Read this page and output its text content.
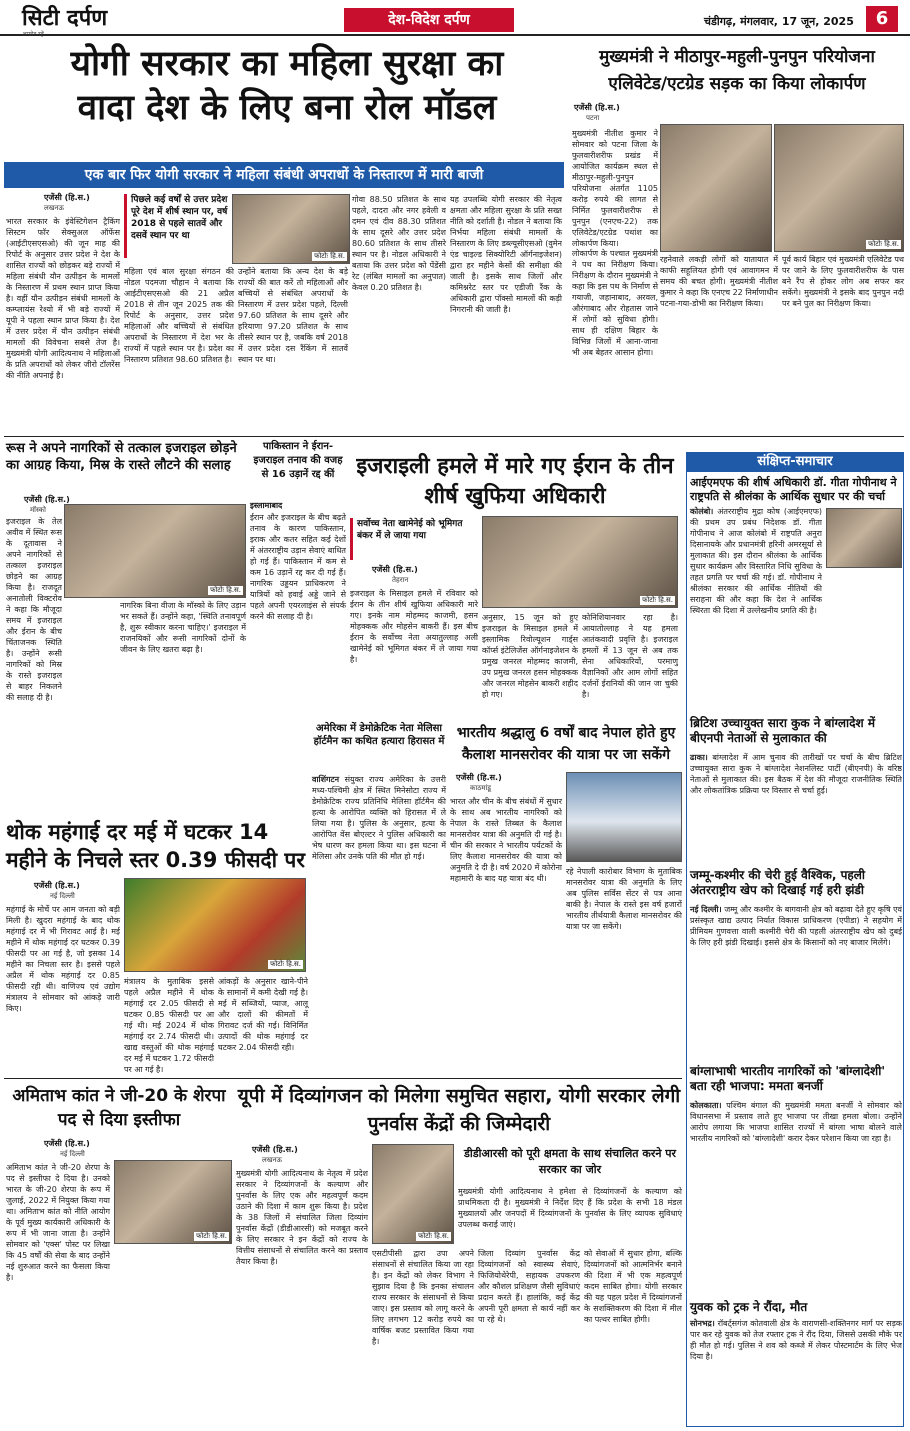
सिटी दर्पण
अपडेट रहें
देश-विदेश दर्पण	चंडीगढ़, मंगलवार, 17 जून, 2025	6
योगी सरकार का महिला सुरक्षा का
वादा देश के लिए बना रोल मॉडल
एक बार फिर योगी सरकार ने महिला संबंधी अपराधों के निस्तारण में मारी बाजी
एजेंसी (हि.स.)
लखनऊ
भारत सरकार के इंवेस्टिगेशन ट्रैकिंग सिस्टम फॉर सेक्सुअल ऑफेंस (आईटीएसएसओ) की जून माह की रिपोर्ट के अनुसार उत्तर प्रदेश ने देश के शासित राज्यों को छोड़कर बड़े राज्यों में महिला संबंधी यौन उत्पीड़न के मामलों के निस्तारण में प्रथम स्थान प्राप्त किया है। वहीं यौन उत्पीड़न संबंधी मामलों के कम्प्लायंस रेश्यो में भी बड़े राज्यों में यूपी ने पहला स्थान प्राप्त किया है। देश में उत्तर प्रदेश में यौन उत्पीड़न संबंधी मामलों की विवेचना सबसे तेज है। मुख्यमंत्री योगी आदित्यनाथ ने महिलाओं के प्रति अपराधों को लेकर जीरो टॉलरेंस की नीति अपनाई है।
पिछले कई वर्षों से उत्तर प्रदेश पूरे देश में शीर्ष स्थान पर, वर्ष 2018 से पहले सातवें और दसवें स्थान पर था
फोटोः हि.स.
महिला एवं बाल सुरक्षा संगठन की नोडल पदमजा चौहान ने बताया कि आईटीएसएसओ की 21 अप्रैल 2018 से तीन जून 2025 तक की रिपोर्ट के अनुसार, उत्तर प्रदेश महिलाओं और बच्चियों से संबंधित अपराधों के निस्तारण में देश भर के राज्यों में पहले स्थान पर है। प्रदेश का निस्तारण प्रतिशत 98.60 प्रतिशत है।
उन्होंने बताया कि अन्य देश के बड़े राज्यों की बात करें तो महिलाओं और बच्चियों से संबंधित अपराधों के निस्तारण में उत्तर प्रदेश पहले, दिल्ली 97.60 प्रतिशत के साथ दूसरे और हरियाणा 97.20 प्रतिशत के साथ तीसरे स्थान पर है, जबकि वर्ष 2018 में उत्तर प्रदेश दस रैंकिंग में सातवें स्थान पर था।
गोवा 88.50 प्रतिशत के साथ पहले, दादरा और नगर हवेली व दमन एवं दीव 88.30 प्रतिशत के साथ दूसरे और उत्तर प्रदेश 80.60 प्रतिशत के साथ तीसरे स्थान पर है। नोडल अधिकारी ने बताया कि उत्तर प्रदेश को पेंडेंसी रेट (लंबित मामलों का अनुपात) केवल 0.20 प्रतिशत है।
यह उपलब्धि योगी सरकार की नेतृत्व क्षमता और महिला सुरक्षा के प्रति सख्त नीति को दर्शाती है। नोडल ने बताया कि निर्भया महिला संबंधी मामलों के निस्तारण के लिए डब्ल्यूसीएसओ (वुमेन एंड चाइल्ड सिक्योरिटी ऑर्गनाइजेशन) द्वारा हर महीने केसों की समीक्षा की जाती है। इसके साथ जिलों और कमिश्नरेट स्तर पर एडीजी रैंक के अधिकारी द्वारा पॉक्सो मामलों की कड़ी निगरानी की जाती है।
मुख्यमंत्री ने मीठापुर-महुली-पुनपुन परियोजना एलिवेटेड/एटग्रेड सड़क का किया लोकार्पण
एजेंसी (हि.स.)
पटना
मुख्यमंत्री नीतीश कुमार ने सोमवार को पटना जिला के फुलवारीशरीफ प्रखंड में आयोजित कार्यक्रम स्थल से मीठापुर-महुली-पुनपुन परियोजना अंतर्गत 1105 करोड़ रुपये की लागत से निर्मित फुलवारीशरीफ से पुनपुन (एनएच-22) तक एलिवेटेड/एटग्रेड पथांश का लोकार्पण किया।	फोटोः हि.स.
लोकार्पण के पश्चात मुख्यमंत्री ने पथ का निरीक्षण किया। निरीक्षण के दौरान मुख्यमंत्री ने कहा कि इस पथ के निर्माण से गयाजी, जहानाबाद, अरवल, औरंगाबाद और रोहतास जाने में लोगों को सुविधा होगी। साथ ही दक्षिण बिहार के विभिन्न जिलों में आना-जाना भी अब बेहतर आसान होगा।
रहनेवाले लकड़ी लोगों को यातायात में काफी सहूलियत होगी एवं आवागमन में समय की बचत होगी। मुख्यमंत्री नीतीश कुमार ने कहा कि एनएच 22 निर्माणाधीन पटना-गया-डोभी का निरीक्षण किया।
पूर्व कार्य बिहार एवं मुख्यमंत्री एलिवेटेड पथ पर जाने के लिए फुलवारीशरीफ के पास बने रैंप से होकर लोग अब सफर कर सकेंगे। मुख्यमंत्री ने इसके बाद पुनपुन नदी पर बने पुल का निरीक्षण किया।
रूस ने अपने नागरिकों से तत्काल इजराइल छोड़ने का आग्रह किया, मिस्र के रास्ते लौटने की सलाह
एजेंसी (हि.स.)
मॉस्को
फोटोः हि.स.
इजराइल के तेल अवीव में स्थित रूस के दूतावास ने अपने नागरिकों से तत्काल इजराइल छोड़ने का आग्रह किया है। राजदूत अनातोली विक्टरोव ने कहा कि मौजूदा समय में इजराइल और ईरान के बीच चिंताजनक स्थिति है। उन्होंने रूसी नागरिकों को मिस्र के रास्ते इजराइल से बाहर निकलने की सलाह दी है।
नागरिक बिना वीजा के मॉस्को के लिए उड़ान भर सकते हैं। उन्होंने कहा, 'स्थिति तनावपूर्ण है, शुरू स्वीकार करना चाहिए।' इजराइल में राजनयिकों और रूसी नागरिकों दोनों के जीवन के लिए खतरा बढ़ा है।
पाकिस्तान ने ईरान-इजराइल तनाव की वजह से 16 उड़ानें रद्द कीं
इस्लामाबाद
ईरान और इजराइल के बीच बढ़ते तनाव के कारण पाकिस्तान, इराक और कतर सहित कई देशों में अंतरराष्ट्रीय उड़ान सेवाएं बाधित हो गई हैं। पाकिस्तान में कम से कम 16 उड़ानें रद्द कर दी गई हैं। नागरिक उड्डयन प्राधिकरण ने यात्रियों को हवाई अड्डे जाने से पहले अपनी एयरलाइंस से संपर्क करने की सलाह दी है।
इजराइली हमले में मारे गए ईरान के तीन शीर्ष खुफिया अधिकारी
सर्वोच्च नेता खामेनेई को भूमिगत बंकर में ले जाया गया
एजेंसी (हि.स.)
तेहरान
फोटोः हि.स.
इजराइल के मिसाइल हमले में रविवार को ईरान के तीन शीर्ष खुफिया अधिकारी मारे गए। इनके नाम मोहम्मद काजमी, हसन मोहक्कक और मोहसेन बाकरी हैं। इस बीच ईरान के सर्वोच्च नेता अयातुल्लाह अली खामेनेई को भूमिगत बंकर में ले जाया गया है।
अनुसार, 15 जून को हुए इजराइल के मिसाइल हमले में इस्लामिक रिवोल्यूशन गार्ड्स कॉर्प्स इंटेलिजेंस ऑर्गनाइजेशन के प्रमुख जनरल मोहम्मद काजमी, उप प्रमुख जनरल हसन मोहक्कक और जनरल मोहसेन बाकरी शहीद हो गए।
कोनिशियानवार रहा है। आयातोल्लाह ने यह हमला आतंकवादी प्रवृत्ति है। इजराइल हमलों में 13 जून से अब तक सेना अधिकारियों, परमाणु वैज्ञानिकों और आम लोगों सहित दर्जनों ईरानियों की जान जा चुकी है।
संक्षिप्त-समाचार
आईएमएफ की शीर्ष अधिकारी डॉ. गीता गोपीनाथ ने राष्ट्रपति से श्रीलंका के आर्थिक सुधार पर की चर्चा
कोलंबो। अंतरराष्ट्रीय मुद्रा कोष (आईएमएफ) की प्रथम उप प्रबंध निदेशक डॉ. गीता गोपीनाथ ने आज कोलंबो में राष्ट्रपति अनुरा दिसानायके और प्रधानमंत्री हरिनी अमरसूर्या से मुलाकात की। इस दौरान श्रीलंका के आर्थिक सुधार कार्यक्रम और विस्तारित निधि सुविधा के तहत प्रगति पर चर्चा की गई। डॉ. गोपीनाथ ने श्रीलंका सरकार की आर्थिक नीतियों की सराहना की और कहा कि देश ने आर्थिक स्थिरता की दिशा में उल्लेखनीय प्रगति की है।
ब्रिटिश उच्चायुक्त सारा कुक ने बांग्लादेश में बीएनपी नेताओं से मुलाकात की
ढाका। बांग्लादेश में आम चुनाव की तारीखों पर चर्चा के बीच ब्रिटिश उच्चायुक्त सारा कुक ने बांग्लादेश नेशनलिस्ट पार्टी (बीएनपी) के वरिष्ठ नेताओं से मुलाकात की। इस बैठक में देश की मौजूदा राजनीतिक स्थिति और लोकतांत्रिक प्रक्रिया पर विस्तार से चर्चा हुई।
जम्मू-कश्मीर की चेरी हुई वैश्विक, पहली अंतरराष्ट्रीय खेप को दिखाई गई हरी झंडी
नई दिल्ली। जम्मू और कश्मीर के बागवानी क्षेत्र को बढ़ावा देते हुए कृषि एवं प्रसंस्कृत खाद्य उत्पाद निर्यात विकास प्राधिकरण (एपीडा) ने सहयोग में प्रीमियम गुणवत्ता वाली कश्मीरी चेरी की पहली अंतरराष्ट्रीय खेप को दुबई के लिए हरी झंडी दिखाई। इससे क्षेत्र के किसानों को नए बाजार मिलेंगे।
बांग्लाभाषी भारतीय नागरिकों को 'बांग्लादेशी' बता रही भाजपा: ममता बनर्जी
कोलकाता। पश्चिम बंगाल की मुख्यमंत्री ममता बनर्जी ने सोमवार को विधानसभा में प्रस्ताव लाते हुए भाजपा पर तीखा हमला बोला। उन्होंने आरोप लगाया कि भाजपा शासित राज्यों में बांग्ला भाषा बोलने वाले भारतीय नागरिकों को 'बांग्लादेशी' करार देकर परेशान किया जा रहा है।
युवक को ट्रक ने रौंदा, मौत
सोनभद्र। रॉबर्ट्सगंज कोतवाली क्षेत्र के वाराणसी-शक्तिनगर मार्ग पर सड़क पार कर रहे युवक को तेज रफ्तार ट्रक ने रौंद दिया, जिससे उसकी मौके पर ही मौत हो गई। पुलिस ने शव को कब्जे में लेकर पोस्टमार्टम के लिए भेज दिया है।
अमेरिका में डेमोक्रेटिक नेता मेलिसा हॉर्टमैन का कथित हत्यारा हिरासत में
वाशिंगटन संयुक्त राज्य अमेरिका के उत्तरी मध्य-पश्चिमी क्षेत्र में स्थित मिनेसोटा राज्य में डेमोक्रेटिक राज्य प्रतिनिधि मेलिसा हॉर्टमैन की हत्या के आरोपित व्यक्ति को हिरासत में ले लिया गया है। पुलिस के अनुसार, हत्या के आरोपित वेंस बोएल्टर ने पुलिस अधिकारी का भेष धारण कर हमला किया था। इस घटना में मेलिसा और उनके पति की मौत हो गई।
भारतीय श्रद्धालु 6 वर्षों बाद नेपाल होते हुए कैलाश मानसरोवर की यात्रा पर जा सकेंगे
एजेंसी (हि.स.)
काठमांडू
भारत और चीन के बीच संबंधों में सुधार के साथ अब भारतीय नागरिकों को नेपाल के रास्ते तिब्बत के कैलाश मानसरोवर यात्रा की अनुमति दी गई है। चीन की सरकार ने भारतीय पर्यटकों के लिए कैलाश मानसरोवर की यात्रा को अनुमति दे दी है। वर्ष 2020 में कोरोना महामारी के बाद यह यात्रा बंद थी।
रहे नेपाली कारोबार विभाग के मुताबिक मानसरोवर यात्रा की अनुमति के लिए अब पुलिस सर्विस सेंटर से पत्र आना बाकी है। नेपाल के रास्ते इस वर्ष हजारों भारतीय तीर्थयात्री कैलाश मानसरोवर की यात्रा पर जा सकेंगे।
थोक महंगाई दर मई में घटकर 14 महीने के निचले स्तर 0.39 फीसदी पर
एजेंसी (हि.स.)
नई दिल्ली
फोटोः हि.स.
महंगाई के मोर्चे पर आम जनता को बड़ी मिली है। खुदरा महंगाई के बाद थोक महंगाई दर में भी गिरावट आई है। मई महीने में थोक महंगाई दर घटकर 0.39 फीसदी पर आ गई है, जो इसका 14 महीने का निचला स्तर है। इससे पहले अप्रैल में थोक महंगाई दर 0.85 फीसदी रही थी। वाणिज्य एवं उद्योग मंत्रालय ने सोमवार को आंकड़े जारी किए।
मंत्रालय के मुताबिक इससे पहले अप्रैल महीने में थोक महंगाई दर 2.05 फीसदी से घटकर 0.85 फीसदी पर आ गई थी। मई 2024 में थोक महंगाई दर 2.74 फीसदी थी। खाद्य वस्तुओं की थोक महंगाई दर मई में घटकर 1.72 फीसदी पर आ गई है।
आंकड़ों के अनुसार खाने-पीने के सामानों में कमी देखी गई है। मई में सब्जियों, प्याज, आलू और दालों की कीमतों में गिरावट दर्ज की गई। विनिर्मित उत्पादों की थोक महंगाई दर घटकर 2.04 फीसदी रही।
अमिताभ कांत ने जी-20 के शेरपा पद से दिया इस्तीफा
एजेंसी (हि.स.)
नई दिल्ली
फोटोः हि.स.
अमिताभ कांत ने जी-20 शेरपा के पद से इस्तीफा दे दिया है। उनको भारत के जी-20 शेरपा के रूप में जुलाई, 2022 में नियुक्त किया गया था। अमिताभ कांत को नीति आयोग के पूर्व मुख्य कार्यकारी अधिकारी के रूप में भी जाना जाता है। उन्होंने सोमवार को 'एक्स' पोस्ट पर लिखा कि 45 वर्षों की सेवा के बाद उन्होंने नई शुरुआत करने का फैसला किया है।
यूपी में दिव्यांगजन को मिलेगा समुचित सहारा, योगी सरकार लेगी पुनर्वास केंद्रों की जिम्मेदारी
एजेंसी (हि.स.)
लखनऊ
मुख्यमंत्री योगी आदित्यनाथ के नेतृत्व में प्रदेश सरकार ने दिव्यांगजनों के कल्याण और पुनर्वास के लिए एक और महत्वपूर्ण कदम उठाने की दिशा में काम शुरू किया है। प्रदेश के 38 जिलों में संचालित जिला दिव्यांग पुनर्वास केंद्रों (डीडीआरसी) को मजबूत करने के लिए सरकार ने इन केंद्रों को राज्य के वित्तीय संसाधनों से संचालित करने का प्रस्ताव तैयार किया है।
फोटोः हि.स.
डीडीआरसी को पूरी क्षमता के साथ संचालित करने पर सरकार का जोर
मुख्यमंत्री योगी आदित्यनाथ ने हमेशा से दिव्यांगजनों के कल्याण को प्राथमिकता दी है। मुख्यमंत्री ने निर्देश दिए हैं कि प्रदेश के सभी 18 मंडल मुख्यालयों और जनपदों में दिव्यांगजनों के पुनर्वास के लिए व्यापक सुविधाएं उपलब्ध कराई जाएं।
एसटीपीसी द्वारा उपा अपने संसाधनों से संचालित किया जा रहा है। इन केंद्रों को लेकर विभाग ने सुझाव दिया है कि इनका संचालन राज्य सरकार के संसाधनों से किया जाए। इस प्रस्ताव को लागू करने के लिए लगभग 12 करोड़ रुपये का वार्षिक बजट प्रस्तावित किया गया है।
जिला दिव्यांग पुनर्वास केंद्र दिव्यांगजनों को स्वास्थ्य सेवाएं, फिजियोथेरेपी, सहायक उपकरण और कौशल प्रशिक्षण जैसी सुविधाएं प्रदान करते हैं। हालांकि, कई केंद्र अपनी पूरी क्षमता से कार्य नहीं कर पा रहे थे।
को सेवाओं में सुधार होगा, बल्कि दिव्यांगजनों को आत्मनिर्भर बनाने की दिशा में भी एक महत्वपूर्ण कदम साबित होगा। योगी सरकार की यह पहल प्रदेश में दिव्यांगजनों के सशक्तिकरण की दिशा में मील का पत्थर साबित होगी।
